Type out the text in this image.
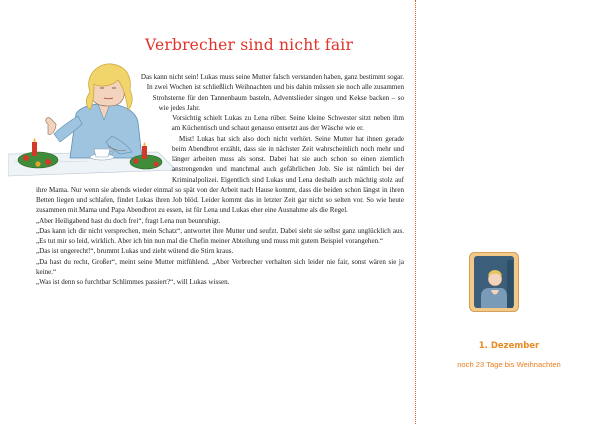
Verbrecher sind nicht fair

Das kann nicht sein! Lukas muss seine Mutter falsch verstanden haben, ganz bestimmt sogar. In zwei Wochen ist schließlich Weihnachten und bis dahin müssen sie noch alle zusammen Strohsterne für den Tannenbaum basteln, Adventslieder singen und Kekse backen – so wie jedes Jahr.

Vorsichtig schielt Lukas zu Lena rüber. Seine kleine Schwester sitzt neben ihm am Küchentisch und schaut genauso entsetzt aus der Wäsche wie er.

Mist! Lukas hat sich also doch nicht verhört. Seine Mutter hat ihnen gerade beim Abendbrot erzählt, dass sie in nächster Zeit wahrscheinlich noch mehr und länger arbeiten muss als sonst. Dabei hat sie auch schon so einen ziemlich anstrengenden und manchmal auch gefährlichen Job. Sie ist nämlich bei der Kriminalpolizei. Eigentlich sind Lukas und Lena deshalb auch mächtig stolz auf ihre Mama. Nur wenn sie abends wieder einmal so spät von der Arbeit nach Hause kommt, dass die beiden schon längst in ihren Betten liegen und schlafen, findet Lukas ihren Job blöd. Leider kommt das in letzter Zeit gar nicht so selten vor. So wie heute zusammen mit Mama und Papa Abendbrot zu essen, ist für Lena und Lukas eher eine Ausnahme als die Regel.

„Aber Heiligabend hast du doch frei“, fragt Lena nun beunruhigt.

„Das kann ich dir nicht versprechen, mein Schatz“, antwortet ihre Mutter und seufzt. Dabei sieht sie selbst ganz unglücklich aus. „Es tut mir so leid, wirklich. Aber ich bin nun mal die Chefin meiner Abteilung und muss mit gutem Beispiel vorangehen.“

„Das ist ungerecht!“, brummt Lukas und zieht wütend die Stirn kraus.

„Da hast du recht, Großer“, meint seine Mutter mitfühlend. „Aber Verbrecher verhalten sich leider nie fair, sonst wären sie ja keine.“

„Was ist denn so furchtbar Schlimmes passiert?“, will Lukas wissen.

1. Dezember
noch 23 Tage bis Weihnachten
